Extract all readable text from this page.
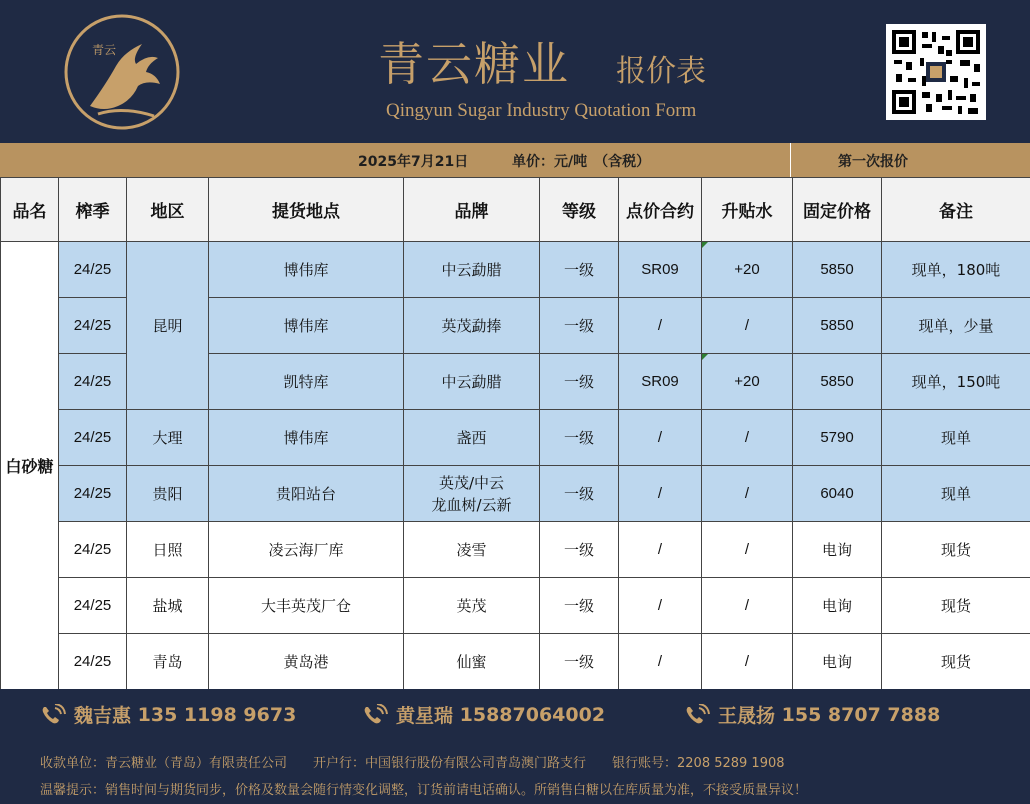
青云	青云糖业 报价表
Qingyun Sugar Industry Quotation Form
2025年7月21日	单价：元/吨　（含税）	第一次报价
品名	榨季	地区	提货地点	品牌	等级	点价合约	升贴水	固定价格	备注
白砂糖	24/25	昆明	博伟库	中云勐腊	一级	SR09	+20	5850	现单，180吨
	24/25		博伟库	英茂勐捧	一级	/	/	5850	现单，少量
	24/25		凯特库	中云勐腊	一级	SR09	+20	5850	现单，150吨
	24/25	大理	博伟库	盏西	一级	/	/	5790	现单
	24/25	贵阳	贵阳站台	英茂/中云
龙血树/云新	一级	/	/	6040	现单
	24/25	日照	凌云海厂库	凌雪	一级	/	/	电询	现货
	24/25	盐城	大丰英茂厂仓	英茂	一级	/	/	电询	现货
	24/25	青岛	黄岛港	仙蜜	一级	/	/	电询	现货
魏吉惠
135 1198 9673	黄星瑞
15887064002	王晟扬
155 8707 7888
收款单位：青云糖业（青岛）有限责任公司　　开户行：中国银行股份有限公司青岛澳门路支行　　银行账号：2208 5289 1908
温馨提示：销售时间与期货同步，价格及数量会随行情变化调整，订货前请电话确认。所销售白糖以在库质量为准，不接受质量异议！
